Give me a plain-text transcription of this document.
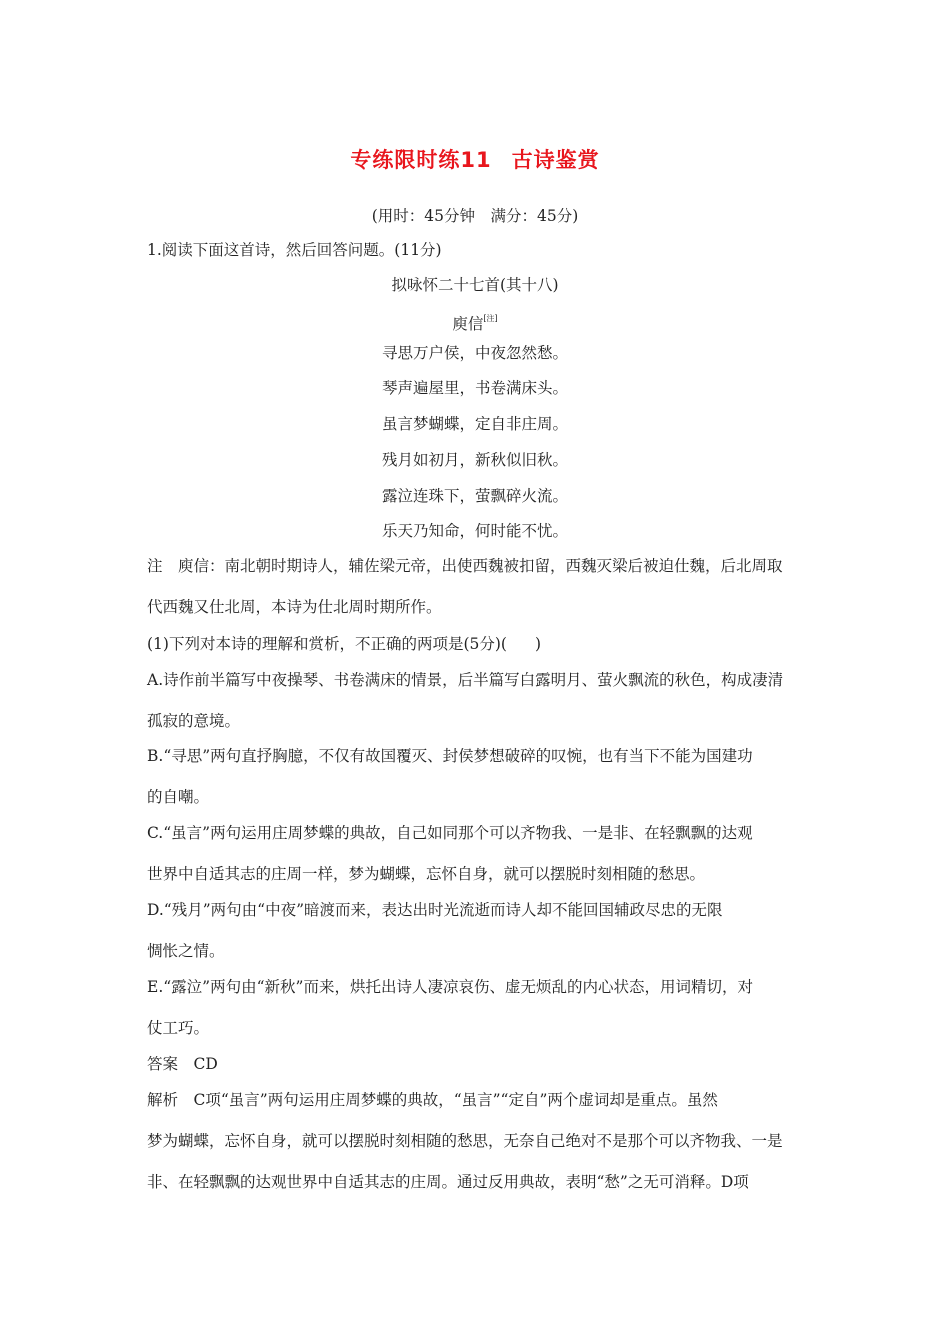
专练限时练11 古诗鉴赏
(用时：45分钟　满分：45分)
1.阅读下面这首诗，然后回答问题。(11分)
拟咏怀二十七首(其十八)
庾信[注]
寻思万户侯，中夜忽然愁。
琴声遍屋里，书卷满床头。
虽言梦蝴蝶，定自非庄周。
残月如初月，新秋似旧秋。
露泣连珠下，萤飘碎火流。
乐天乃知命，何时能不忧。
注　庾信：南北朝时期诗人，辅佐梁元帝，出使西魏被扣留，西魏灭梁后被迫仕魏，后北周取
代西魏又仕北周，本诗为仕北周时期所作。
(1)下列对本诗的理解和赏析，不正确的两项是(5分)( )
A.诗作前半篇写中夜操琴、书卷满床的情景，后半篇写白露明月、萤火飘流的秋色，构成凄清
孤寂的意境。
B.“寻思”两句直抒胸臆，不仅有故国覆灭、封侯梦想破碎的叹惋，也有当下不能为国建功
的自嘲。
C.“虽言”两句运用庄周梦蝶的典故，自己如同那个可以齐物我、一是非、在轻飘飘的达观
世界中自适其志的庄周一样，梦为蝴蝶，忘怀自身，就可以摆脱时刻相随的愁思。
D.“残月”两句由“中夜”暗渡而来，表达出时光流逝而诗人却不能回国辅政尽忠的无限
惆怅之情。
E.“露泣”两句由“新秋”而来，烘托出诗人凄凉哀伤、虚无烦乱的内心状态，用词精切，对
仗工巧。
答案　CD
解析　C项“虽言”两句运用庄周梦蝶的典故，“虽言”“定自”两个虚词却是重点。虽然
梦为蝴蝶，忘怀自身，就可以摆脱时刻相随的愁思，无奈自己绝对不是那个可以齐物我、一是
非、在轻飘飘的达观世界中自适其志的庄周。通过反用典故，表明“愁”之无可消释。D项
